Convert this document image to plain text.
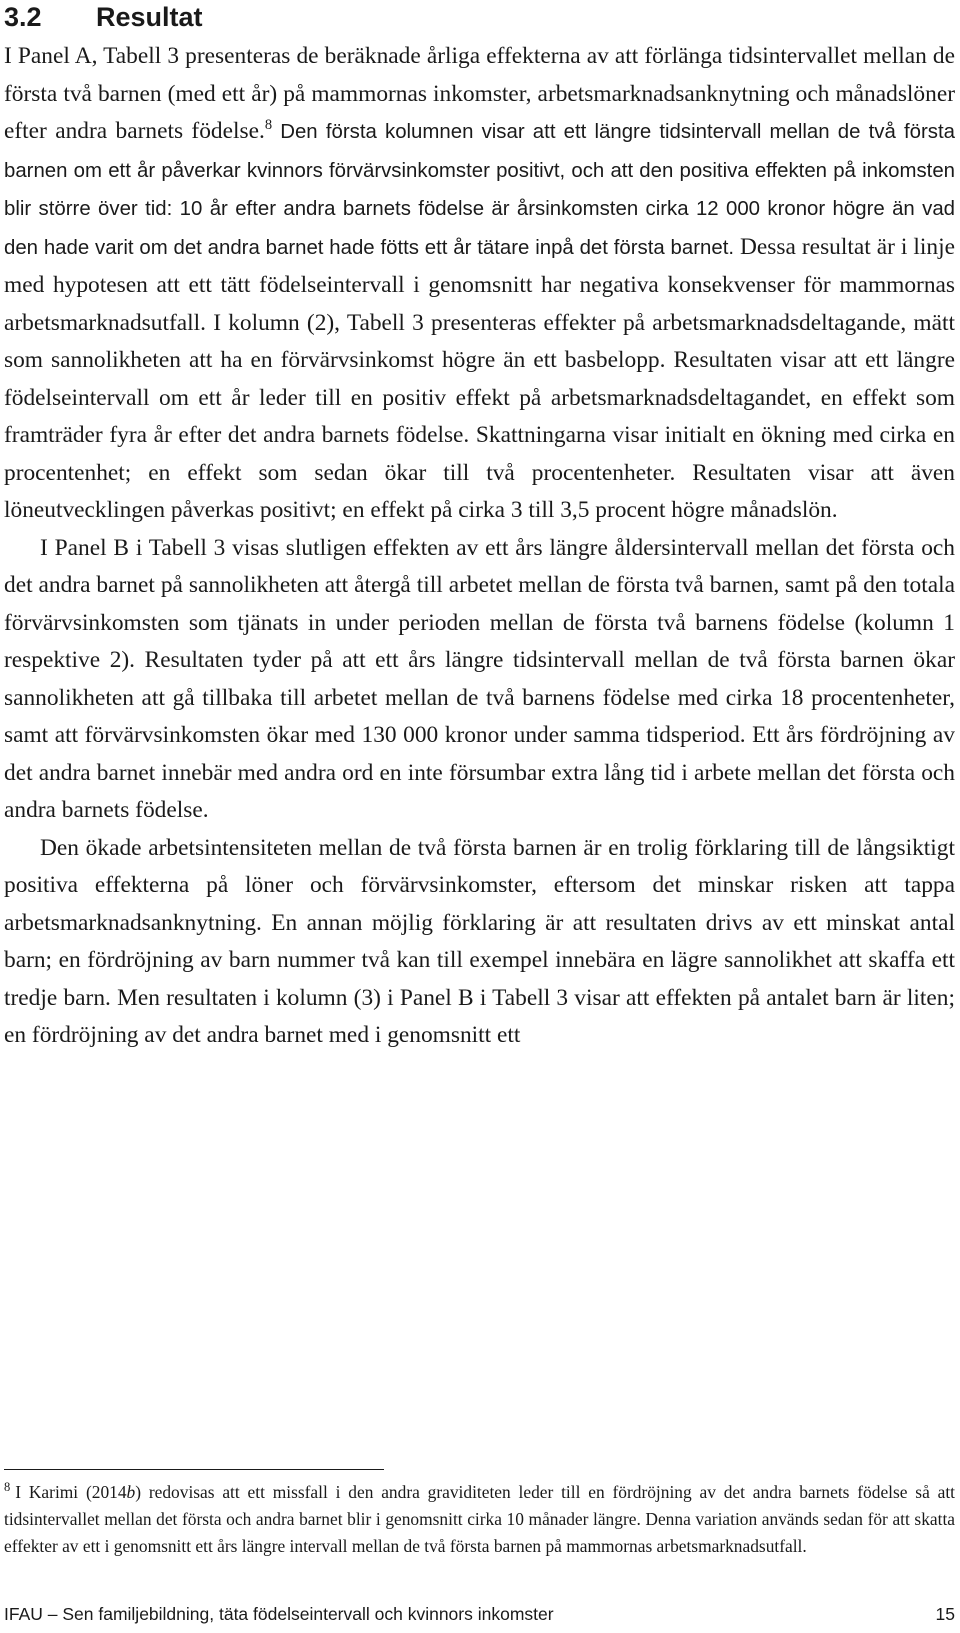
3.2 Resultat

I Panel A, Tabell 3 presenteras de beräknade årliga effekterna av att förlänga tidsintervallet mellan de första två barnen (med ett år) på mammornas inkomster, arbetsmarknadsanknytning och månadslöner efter andra barnets födelse.$^8$ Den första kolumnen visar att ett längre tidsintervall mellan de två första barnen om ett år påverkar kvinnors förvärvsinkomster positivt, och att den positiva effekten på inkomsten blir större över tid: 10 år efter andra barnets födelse är årsinkomsten cirka 12 000 kronor högre än vad den hade varit om det andra barnet hade fötts ett år tätare inpå det första barnet. Dessa resultat är i linje med hypotesen att ett tätt födelseintervall i genomsnitt har negativa konsekvenser för mammornas arbetsmarknadsutfall. I kolumn (2), Tabell 3 presenteras effekter på arbetsmarknadsdeltagande, mätt som sannolikheten att ha en förvärvsinkomst högre än ett basbelopp. Resultaten visar att ett längre födelseintervall om ett år leder till en positiv effekt på arbetsmarknadsdeltagandet, en effekt som framträder fyra år efter det andra barnets födelse. Skattningarna visar initialt en ökning med cirka en procentenhet; en effekt som sedan ökar till två procentenheter. Resultaten visar att även löneutvecklingen påverkas positivt; en effekt på cirka 3 till 3,5 procent högre månadslön.

I Panel B i Tabell 3 visas slutligen effekten av ett års längre åldersintervall mellan det första och det andra barnet på sannolikheten att återgå till arbetet mellan de första två barnen, samt på den totala förvärvsinkomsten som tjänats in under perioden mellan de första två barnens födelse (kolumn 1 respektive 2). Resultaten tyder på att ett års längre tidsintervall mellan de två första barnen ökar sannolikheten att gå tillbaka till arbetet mellan de två barnens födelse med cirka 18 procentenheter, samt att förvärvsinkomsten ökar med 130 000 kronor under samma tidsperiod. Ett års fördröjning av det andra barnet innebär med andra ord en inte försumbar extra lång tid i arbete mellan det första och andra barnets födelse.

Den ökade arbetsintensiteten mellan de två första barnen är en trolig förklaring till de långsiktigt positiva effekterna på löner och förvärvsinkomster, eftersom det minskar risken att tappa arbetsmarknadsanknytning. En annan möjlig förklaring är att resultaten drivs av ett minskat antal barn; en fördröjning av barn nummer två kan till exempel innebära en lägre sannolikhet att skaffa ett tredje barn. Men resultaten i kolumn (3) i Panel B i Tabell 3 visar att effekten på antalet barn är liten; en fördröjning av det andra barnet med i genomsnitt ett

$^8$ I Karimi (2014b) redovisas att ett missfall i den andra graviditeten leder till en fördröjning av det andra barnets födelse så att tidsintervallet mellan det första och andra barnet blir i genomsnitt cirka 10 månader längre. Denna variation används sedan för att skatta effekter av ett i genomsnitt ett års längre intervall mellan de två första barnen på mammornas arbetsmarknadsutfall.

IFAU – Sen familjebildning, täta födelseintervall och kvinnors inkomster	15
